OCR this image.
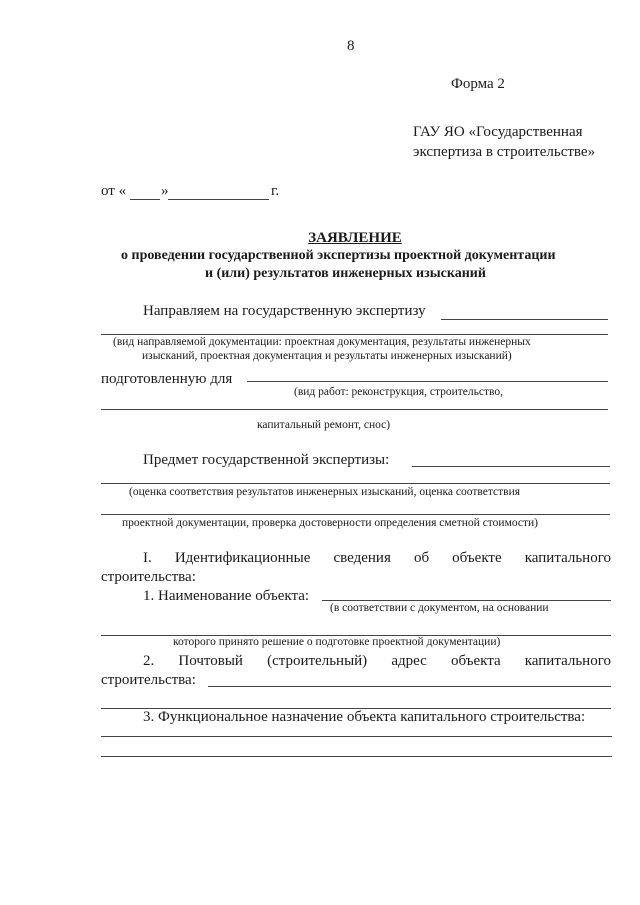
8
Форма 2
ГАУ ЯО «Государственная
экспертиза в строительстве»
от « »	г.
ЗАЯВЛЕНИЕ
о проведении государственной экспертизы проектной документации
и (или) результатов инженерных изысканий
Направляем на государственную экспертизу
(вид направляемой документации: проектная документация, результаты инженерных
изысканий, проектная документация и результаты инженерных изысканий)
подготовленную для
(вид работ: реконструкция, строительство,
капитальный ремонт, снос)
Предмет государственной экспертизы:
(оценка соответствия результатов инженерных изысканий, оценка соответствия
проектной документации, проверка достоверности определения сметной стоимости)
I. Идентификационные сведения об объекте капитального
строительства:
1. Наименование объекта:
(в соответствии с документом, на основании
которого принято решение о подготовке проектной документации)
2. Почтовый (строительный) адрес объекта капитального
строительства:
3. Функциональное назначение объекта капитального строительства:
